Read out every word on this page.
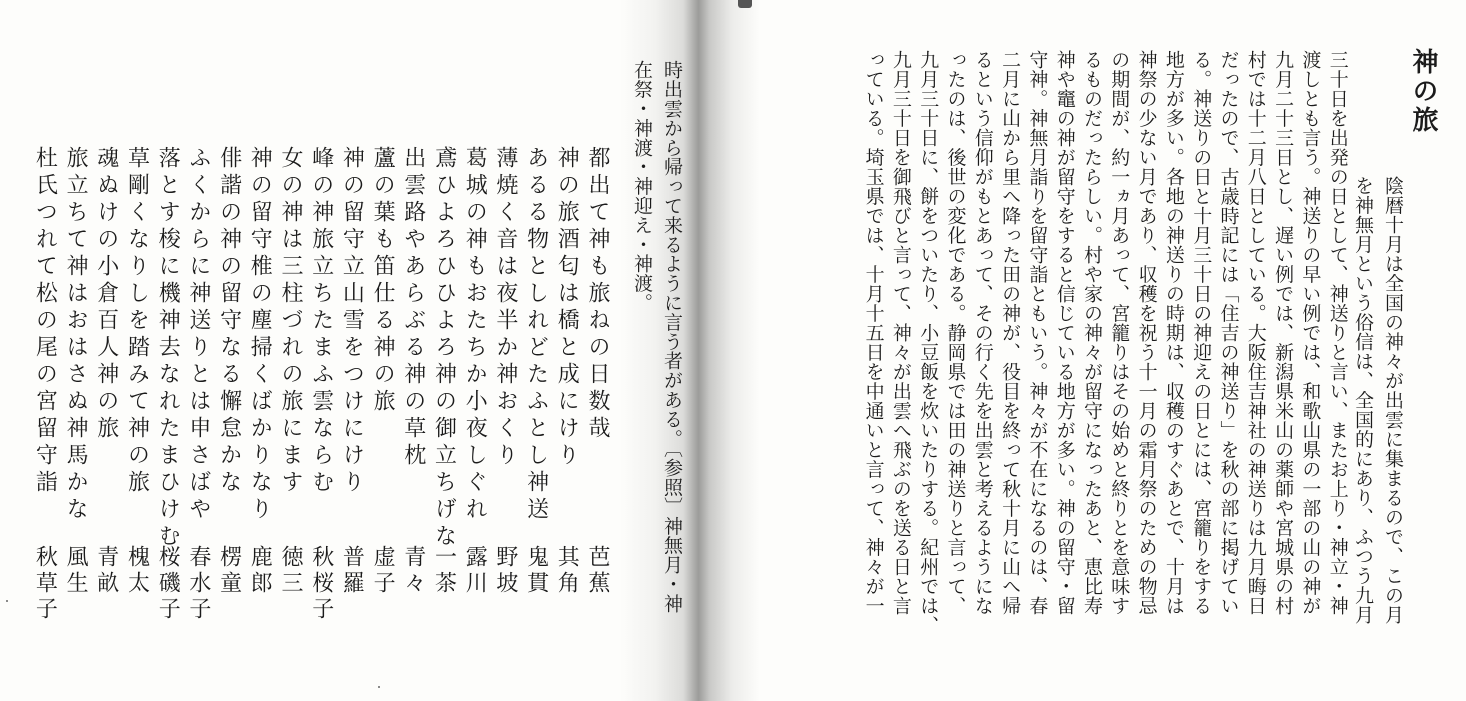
神の旅
陰暦十月は全国の神々が出雲に集まるので、この月
を神無月という俗信は、全国的にあり、ふつう九月
三十日を出発の日として、神送りと言い、またお上り・神立・神
渡しとも言う。神送りの早い例では、和歌山県の一部の山の神が
九月二十三日とし、遅い例では、新潟県米山の薬師や宮城県の村
村では十二月八日としている。大阪住吉神社の神送りは九月晦日
だったので、古歳時記には「住吉の神送り」を秋の部に掲げてい
る。神送りの日と十月三十日の神迎えの日とには、宮籠りをする
地方が多い。各地の神送りの時期は、収穫のすぐあとで、十月は
神祭の少ない月であり、収穫を祝う十一月の霜月祭のための物忌
の期間が、約一ヵ月あって、宮籠りはその始めと終りとを意味す
るものだったらしい。村や家の神々が留守になったあと、恵比寿
神や竈の神が留守をすると信じている地方が多い。神の留守・留
守神。神無月詣りを留守詣ともいう。神々が不在になるのは、春
二月に山から里へ降った田の神が、役目を終って秋十月に山へ帰
るという信仰がもとあって、その行く先を出雲と考えるようにな
ったのは、後世の変化である。静岡県では田の神送りと言って、
九月三十日に、餅をついたり、小豆飯を炊いたりする。紀州では、
九月三十日を御飛びと言って、神々が出雲へ飛ぶのを送る日と言
っている。埼玉県では、十月十五日を中通いと言って、神々が一
時出雲から帰って来るように言う者がある。〔参照〕神無月・神
在祭・神渡・神迎え・神渡。
都出て神も旅ねの日数哉
芭蕉
神の旅酒匂は橋と成にけり
其角
あるる物としれどたふとし神送
鬼貫
薄焼く音は夜半か神おくり
野坡
葛城の神もおたちか小夜しぐれ
露川
鳶ひよろひひよろ神の御立ちげな
一茶
出雲路やあらぶる神の草枕
青々
蘆の葉も笛仕る神の旅
虚子
神の留守立山雪をつけにけり
普羅
峰の神旅立ちたまふ雲ならむ
秋桜子
女の神は三柱づれの旅にます
徳三
神の留守椎の塵掃くばかりなり
鹿郎
俳諧の神の留守なる懈怠かな
楞童
ふくからに神送りとは申さばや
春水子
落とす梭に機神去なれたまひけむ
桜磯子
草剛くなりしを踏みて神の旅
槐太
魂ぬけの小倉百人神の旅
青畝
旅立ちて神はおはさぬ神馬かな
風生
杜氏つれて松の尾の宮留守詣
秋草子
